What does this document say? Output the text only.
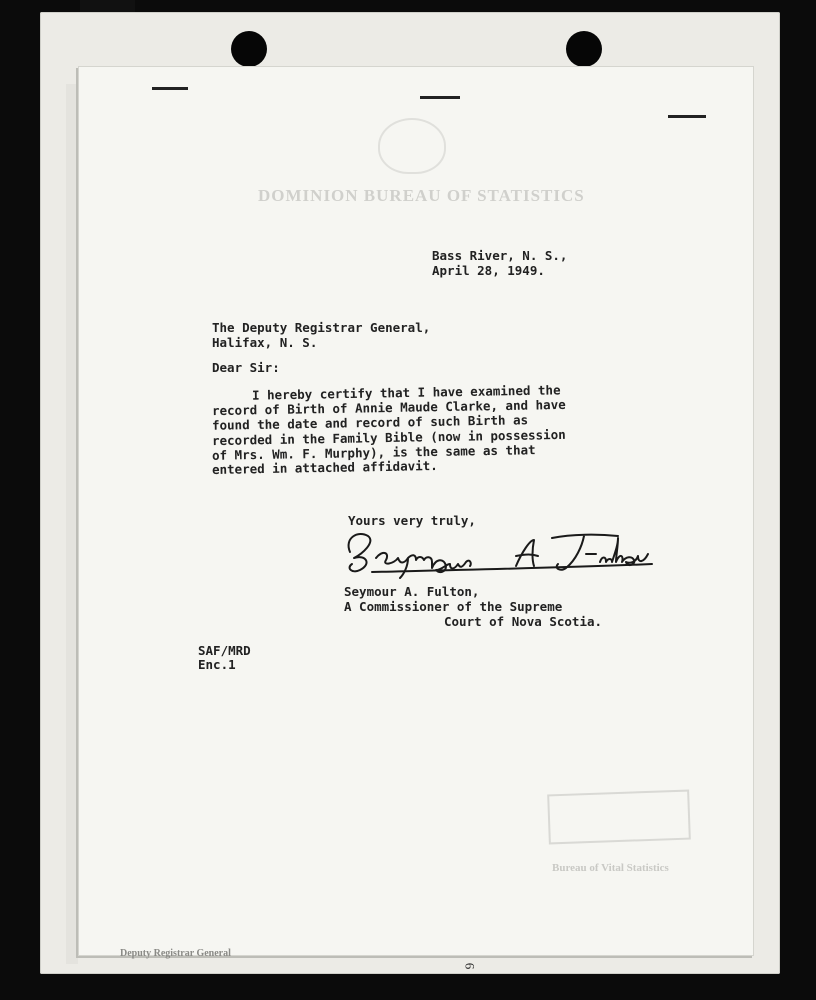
DOMINION BUREAU OF STATISTICS
Bass River, N. S.,
April 28, 1949.
The Deputy Registrar General,
Halifax, N. S.
Dear Sir:
I hereby certify that I have examined the
record of Birth of Annie Maude Clarke, and have
found the date and record of such Birth as
recorded in the Family Bible (now in possession
of Mrs. Wm. F. Murphy), is the same as that
entered in attached affidavit.
Yours very truly,
Seymour A. Fulton,
A Commissioner of the Supreme
Court of Nova Scotia.
SAF/MRD
Enc.1
Bureau of Vital Statistics
Deputy Registrar General
6
